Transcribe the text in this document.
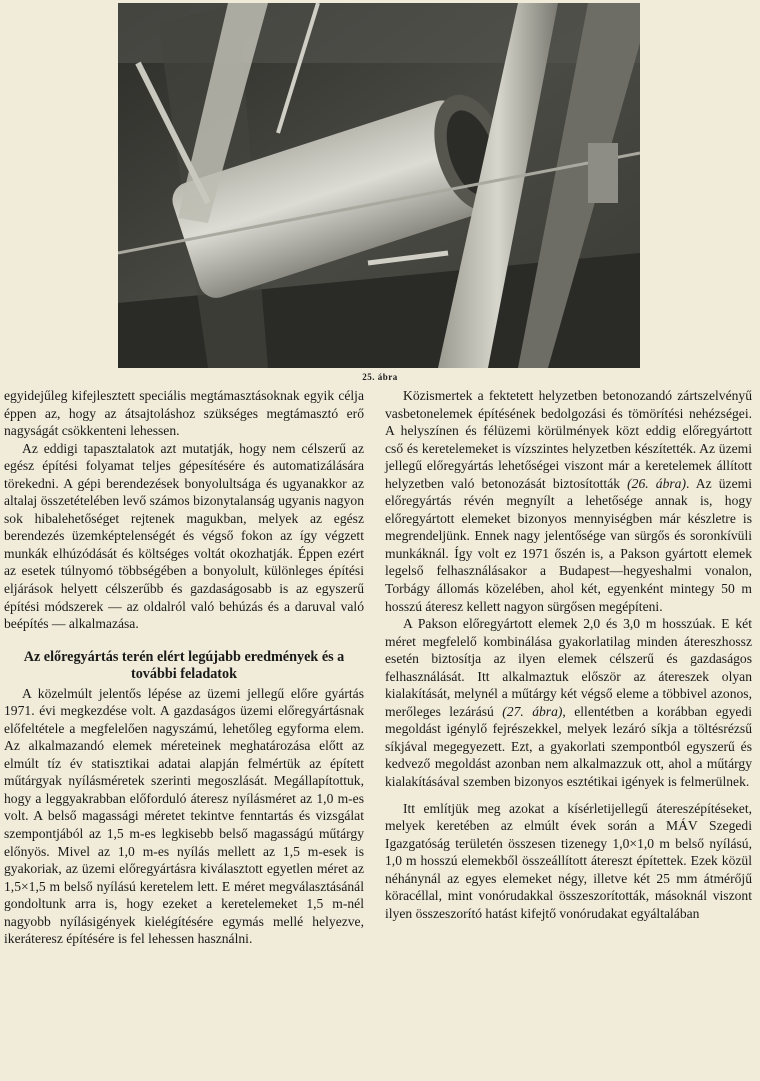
25. ábra

egyidejűleg kifejlesztett speciális megtámasztásoknak egyik célja éppen az, hogy az átsajtoláshoz szükséges megtámasztó erő nagyságát csökkenteni lehessen.

Az eddigi tapasztalatok azt mutatják, hogy nem célszerű az egész építési folyamat teljes gépesítésére és automatizálására törekedni. A gépi berendezések bonyolultsága és ugyanakkor az altalaj összetételében levő számos bizonytalanság ugyanis nagyon sok hibalehetőséget rejtenek magukban, melyek az egész berendezés üzemképtelenségét és végső fokon az így végzett munkák elhúzódását és költséges voltát okozhatják. Éppen ezért az esetek túlnyomó többségében a bonyolult, különleges építési eljárások helyett célszerűbb és gazdaságosabb is az egyszerű építési módszerek — az oldalról való behúzás és a daruval való beépítés — alkalmazása.

Az előregyártás terén elért legújabb eredmények és a további feladatok

A közelmúlt jelentős lépése az üzemi jellegű előre gyártás 1971. évi megkezdése volt. A gazdaságos üzemi előregyártásnak előfeltétele a megfelelően nagyszámú, lehetőleg egyforma elem. Az alkalmazandó elemek méreteinek meghatározása előtt az elmúlt tíz év statisztikai adatai alapján felmértük az épített műtárgyak nyílásméretek szerinti megoszlását. Megállapítottuk, hogy a leggyakrabban előforduló áteresz nyílásméret az 1,0 m-es volt. A belső magassági méretet tekintve fenntartás és vizsgálat szempontjából az 1,5 m-es legkisebb belső magasságú műtárgy előnyös. Mivel az 1,0 m-es nyílás mellett az 1,5 m-esek is gyakoriak, az üzemi előregyártásra kiválasztott egyetlen méret az 1,5×1,5 m belső nyílású keretelem lett. E méret megválasztásánál gondoltunk arra is, hogy ezeket a keretelemeket 1,5 m-nél nagyobb nyílásigények kielégítésére egymás mellé helyezve, ikeráteresz építésére is fel lehessen használni.

Közismertek a fektetett helyzetben betonozandó zártszelvényű vasbetonelemek építésének bedolgozási és tömörítési nehézségei. A helyszínen és félüzemi körülmények közt eddig előregyártott cső és keretelemeket is vízszintes helyzetben készítették. Az üzemi jellegű előregyártás lehetőségei viszont már a keretelemek állított helyzetben való betonozását biztosították (26. ábra). Az üzemi előregyártás révén megnyílt a lehetősége annak is, hogy előregyártott elemeket bizonyos mennyiségben már készletre is megrendeljünk. Ennek nagy jelentősége van sürgős és soronkívüli munkáknál. Így volt ez 1971 őszén is, a Pakson gyártott elemek legelső felhasználásakor a Budapest—hegyeshalmi vonalon, Torbágy állomás közelében, ahol két, egyenként mintegy 50 m hosszú áteresz kellett nagyon sürgősen megépíteni.

A Pakson előregyártott elemek 2,0 és 3,0 m hosszúak. E két méret megfelelő kombinálása gyakorlatilag minden átereszhossz esetén biztosítja az ilyen elemek célszerű és gazdaságos felhasználását. Itt alkalmaztuk először az átereszek olyan kialakítását, melynél a műtárgy két végső eleme a többivel azonos, merőleges lezárású (27. ábra), ellentétben a korábban egyedi megoldást igénylő fejrészekkel, melyek lezáró síkja a töltésrézsű síkjával megegyezett. Ezt, a gyakorlati szempontból egyszerű és kedvező megoldást azonban nem alkalmazzuk ott, ahol a műtárgy kialakításával szemben bizonyos esztétikai igények is felmerülnek.

Itt említjük meg azokat a kísérletijellegű átereszépítéseket, melyek keretében az elmúlt évek során a MÁV Szegedi Igazgatóság területén összesen tizenegy 1,0×1,0 m belső nyílású, 1,0 m hosszú elemekből összeállított átereszt építettek. Ezek közül néhánynál az egyes elemeket négy, illetve két 25 mm átmérőjű köracéllal, mint vonórudakkal összeszorították, másoknál viszont ilyen összeszorító hatást kifejtő vonórudakat egyáltalában
